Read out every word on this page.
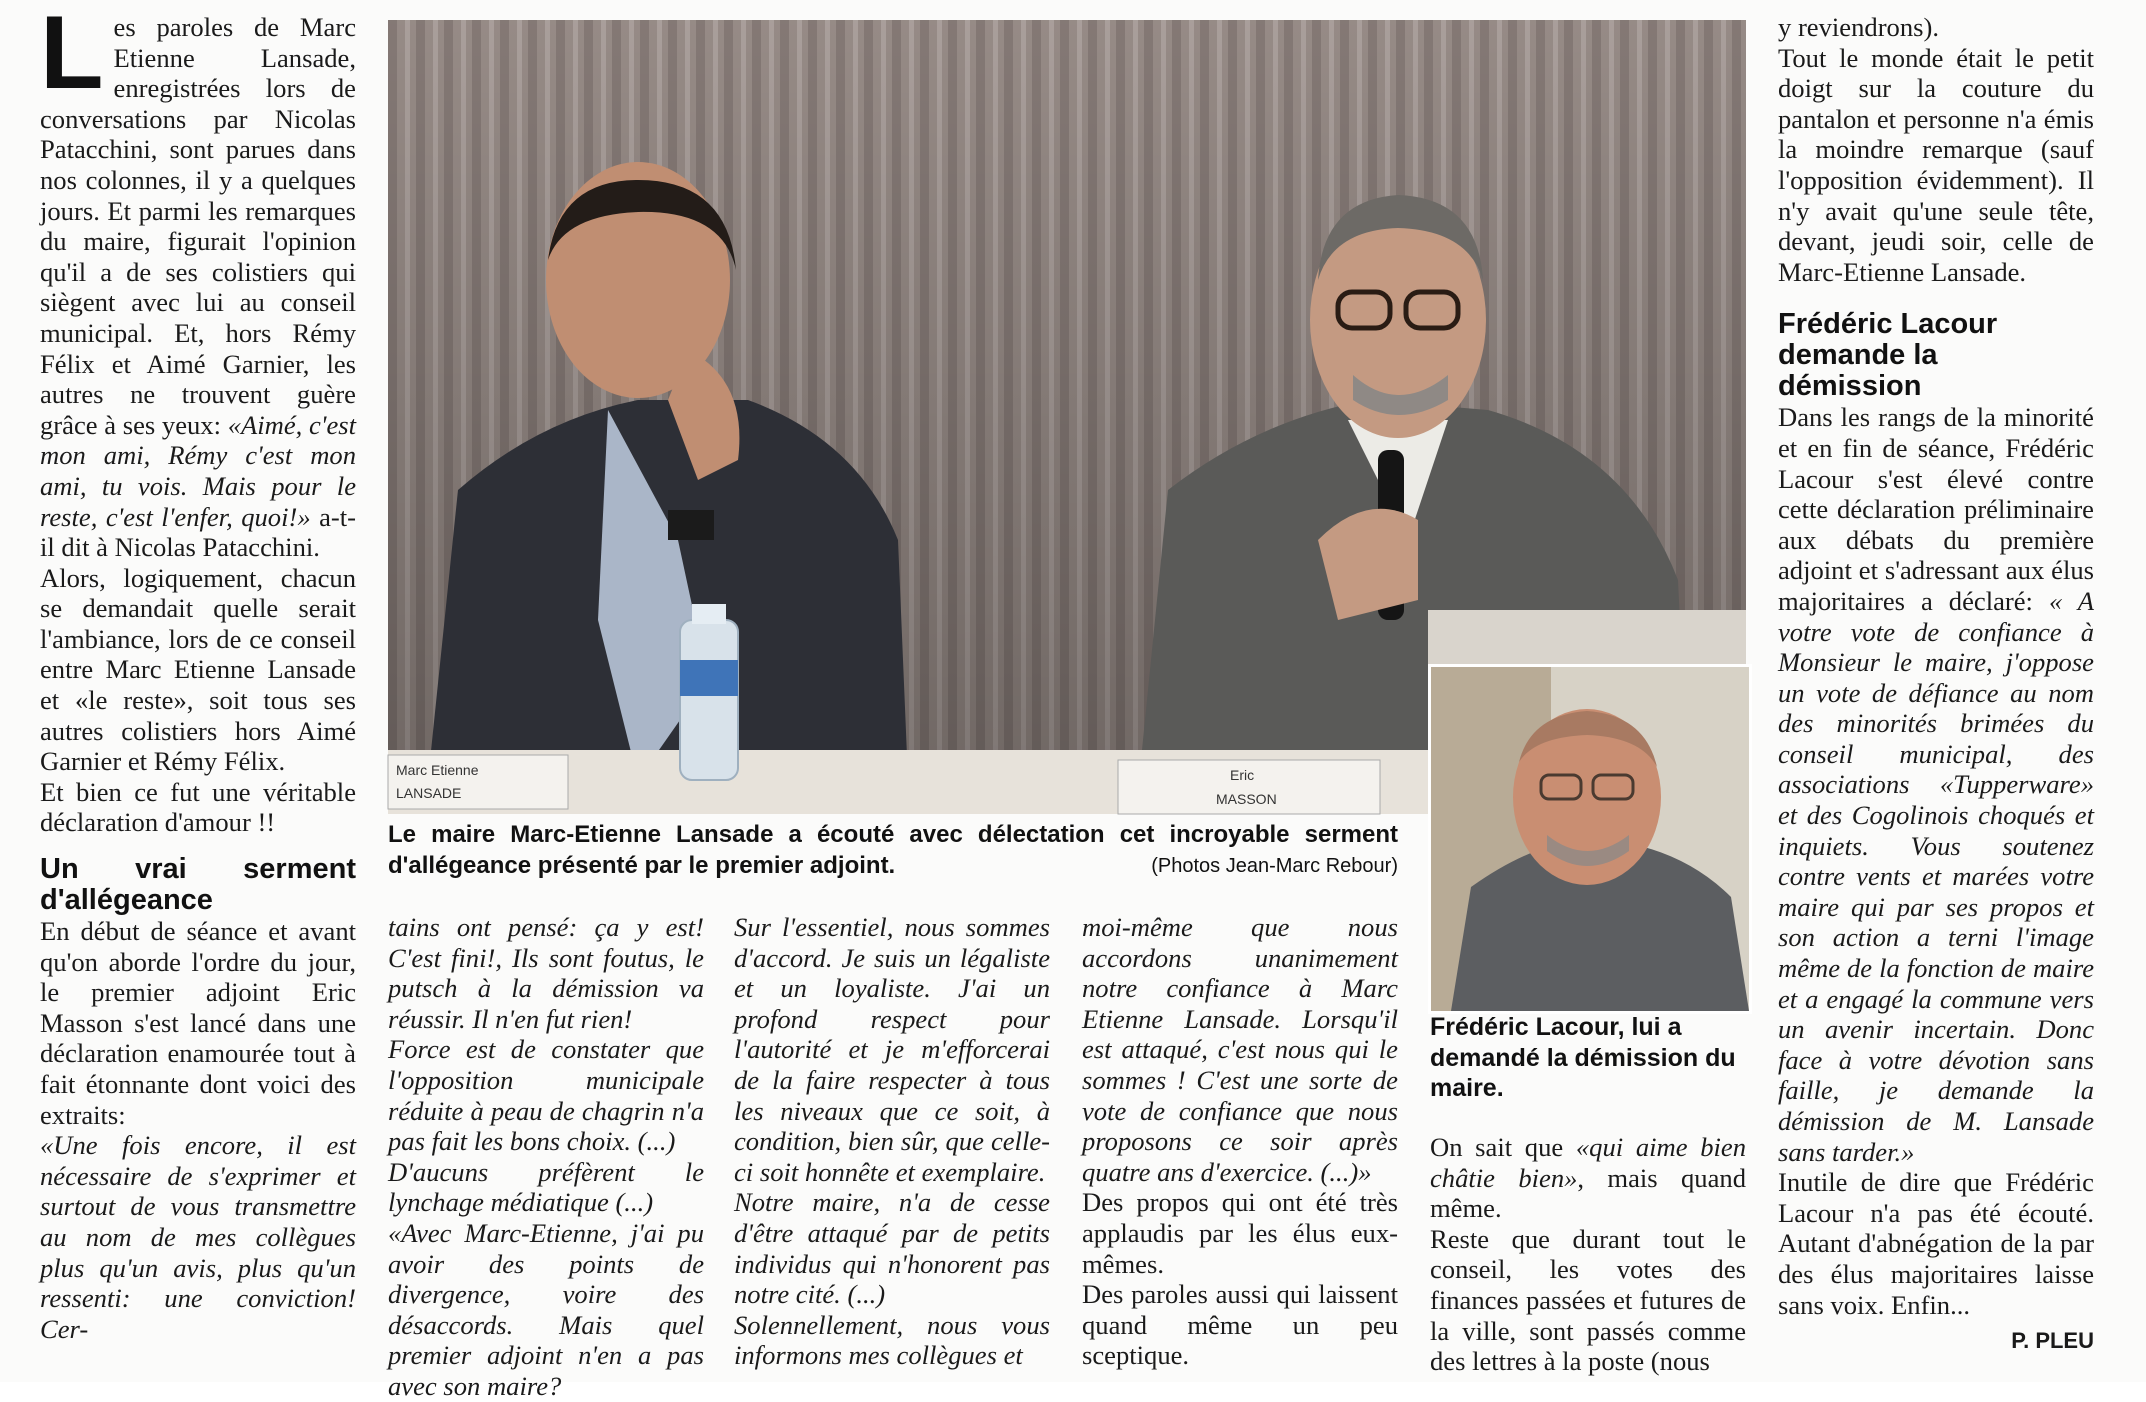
Les paroles de Marc Etienne Lansade, enregistrées lors de conversations par Nicolas Patacchini, sont parues dans nos colonnes, il y a quelques jours. Et parmi les remarques du maire, figurait l'opinion qu'il a de ses colistiers qui siègent avec lui au conseil municipal. Et, hors Rémy Félix et Aimé Garnier, les autres ne trouvent guère grâce à ses yeux: «Aimé, c'est mon ami, Rémy c'est mon ami, tu vois. Mais pour le reste, c'est l'enfer, quoi!» a-t-il dit à Nicolas Patacchini.

Alors, logiquement, chacun se demandait quelle serait l'ambiance, lors de ce conseil entre Marc Etienne Lansade et «le reste», soit tous ses autres colistiers hors Aimé Garnier et Rémy Félix.

Et bien ce fut une véritable déclaration d'amour !!

Un vrai serment d'allégeance

En début de séance et avant qu'on aborde l'ordre du jour, le premier adjoint Eric Masson s'est lancé dans une déclaration enamourée tout à fait étonnante dont voici des extraits:

«Une fois encore, il est nécessaire de s'exprimer et surtout de vous transmettre au nom de mes collègues plus qu'un avis, plus qu'un ressenti: une conviction! Cer-

Marc Etienne
LANSADE
Eric
MASSON

Le maire Marc-Etienne Lansade a écouté avec délectation cet incroyable serment d'allégeance présenté par le premier adjoint.	(Photos Jean-Marc Rebour)

Frédéric Lacour, lui a demandé la démission du maire.

tains ont pensé: ça y est! C'est fini!, Ils sont foutus, le putsch à la démission va réussir. Il n'en fut rien!

Force est de constater que l'opposition municipale réduite à peau de chagrin n'a pas fait les bons choix. (...)

D'aucuns préfèrent le lynchage médiatique (...)

«Avec Marc-Etienne, j'ai pu avoir des points de divergence, voire des désaccords. Mais quel premier adjoint n'en a pas avec son maire?

Sur l'essentiel, nous sommes d'accord. Je suis un légaliste et un loyaliste. J'ai un profond respect pour l'autorité et je m'efforcerai de la faire respecter à tous les niveaux que ce soit, à condition, bien sûr, que celle-ci soit honnête et exemplaire.

Notre maire, n'a de cesse d'être attaqué par de petits individus qui n'honorent pas notre cité. (...)

Solennellement, nous vous informons mes collègues et

moi-même que nous accordons unanimement notre confiance à Marc Etienne Lansade. Lorsqu'il est attaqué, c'est nous qui le sommes ! C'est une sorte de vote de confiance que nous proposons ce soir après quatre ans d'exercice. (...)»

Des propos qui ont été très applaudis par les élus eux-mêmes.

Des paroles aussi qui laissent quand même un peu sceptique.

On sait que «qui aime bien châtie bien», mais quand même.

Reste que durant tout le conseil, les votes des finances passées et futures de la ville, sont passés comme des lettres à la poste (nous

y reviendrons).

Tout le monde était le petit doigt sur la couture du pantalon et personne n'a émis la moindre remarque (sauf l'opposition évidemment). Il n'y avait qu'une seule tête, devant, jeudi soir, celle de Marc-Etienne Lansade.

Frédéric Lacour demande la démission

Dans les rangs de la minorité et en fin de séance, Frédéric Lacour s'est élevé contre cette déclaration préliminaire aux débats du première adjoint et s'adressant aux élus majoritaires a déclaré: « A votre vote de confiance à Monsieur le maire, j'oppose un vote de défiance au nom des minorités brimées du conseil municipal, des associations «Tupperware» et des Cogolinois choqués et inquiets. Vous soutenez contre vents et marées votre maire qui par ses propos et son action a terni l'image même de la fonction de maire et a engagé la commune vers un avenir incertain. Donc face à votre dévotion sans faille, je demande la démission de M. Lansade sans tarder.»

Inutile de dire que Frédéric Lacour n'a pas été écouté. Autant d'abnégation de la par des élus majoritaires laisse sans voix. Enfin...

P. PLEU
